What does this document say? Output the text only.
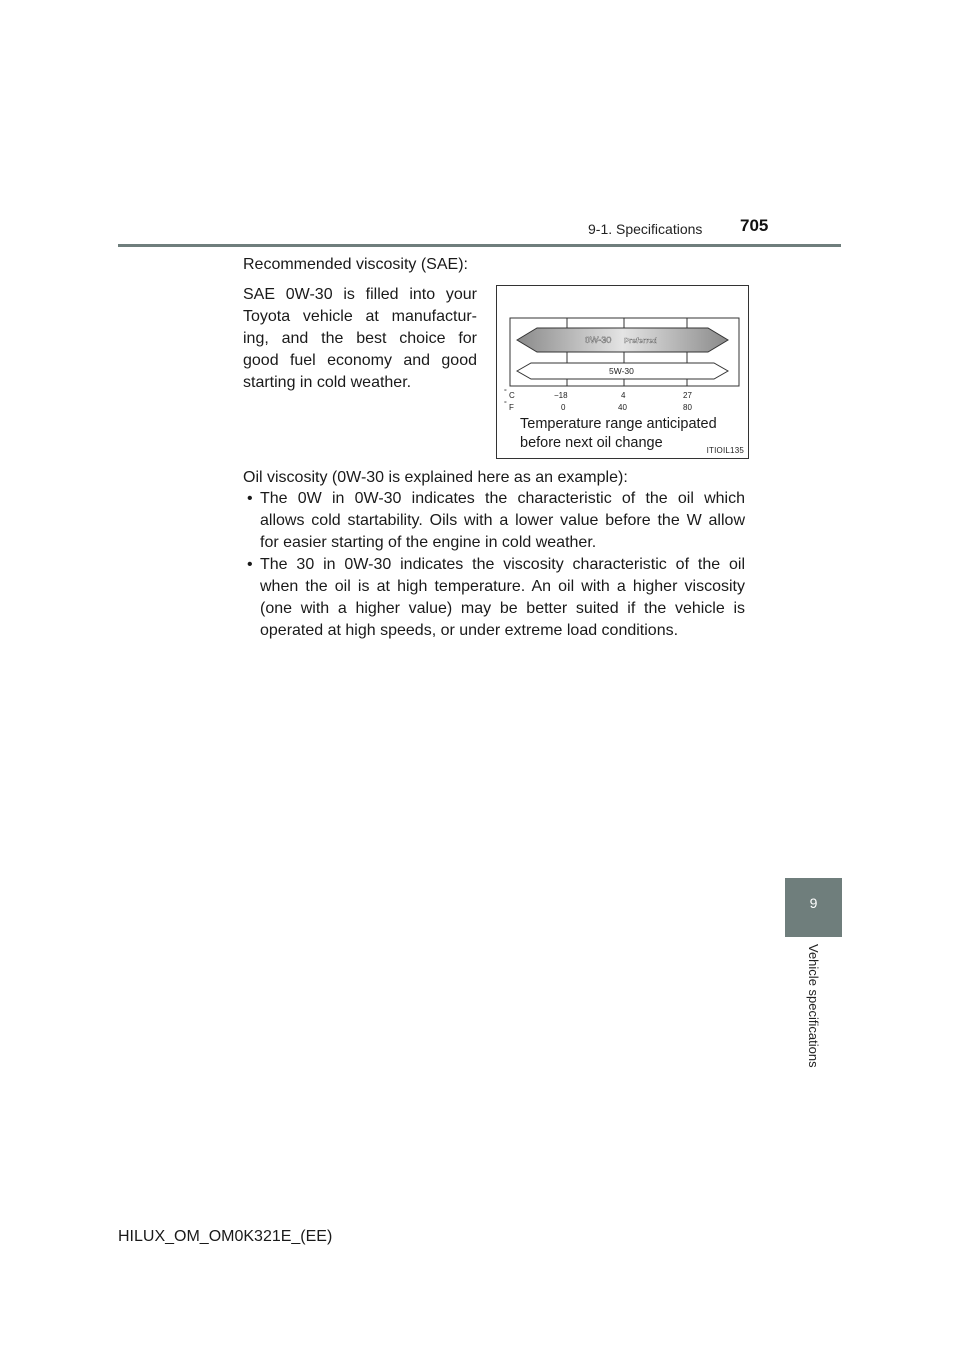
9-1. Specifications 705
Recommended viscosity (SAE):
SAE 0W-30 is filled into your
Toyota vehicle at manufactur-
ing, and the best choice for
good fuel economy and good
starting in cold weather.
0W-30 Preferred
5W-30
−18	4	27
0	40	80
° C
° F
Temperature range anticipated
before next oil change	ITIOIL135
Oil viscosity (0W-30 is explained here as an example):
• The 0W in 0W-30 indicates the characteristic of the oil which
allows cold startability. Oils with a lower value before the W allow
for easier starting of the engine in cold weather.
• The 30 in 0W-30 indicates the viscosity characteristic of the oil
when the oil is at high temperature. An oil with a higher viscosity
(one with a higher value) may be better suited if the vehicle is
operated at high speeds, or under extreme load conditions.
9
Vehicle specifications
HILUX_OM_OM0K321E_(EE)
